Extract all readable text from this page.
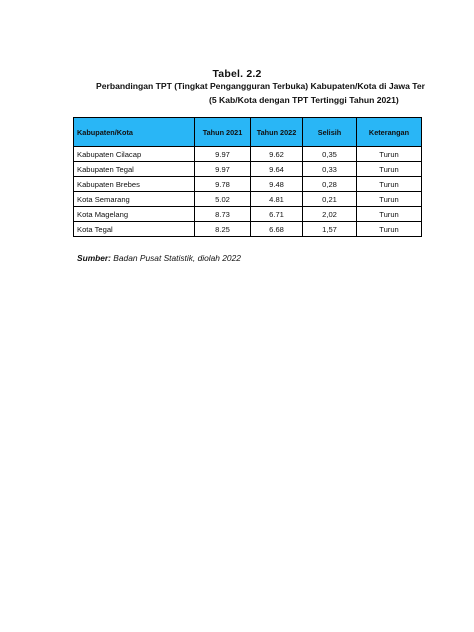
Tabel. 2.2
Perbandingan TPT (Tingkat Pengangguran Terbuka) Kabupaten/Kota di Jawa Ter
(5 Kab/Kota dengan TPT Tertinggi Tahun 2021)
Kabupaten/Kota	Tahun 2021	Tahun 2022	Selisih	Keterangan
Kabupaten Cilacap	9.97	9.62	0,35	Turun
Kabupaten Tegal	9.97	9.64	0,33	Turun
Kabupaten Brebes	9.78	9.48	0,28	Turun
Kota Semarang	5.02	4.81	0,21	Turun
Kota Magelang	8.73	6.71	2,02	Turun
Kota Tegal	8.25	6.68	1,57	Turun
Sumber: Badan Pusat Statistik, diolah 2022
